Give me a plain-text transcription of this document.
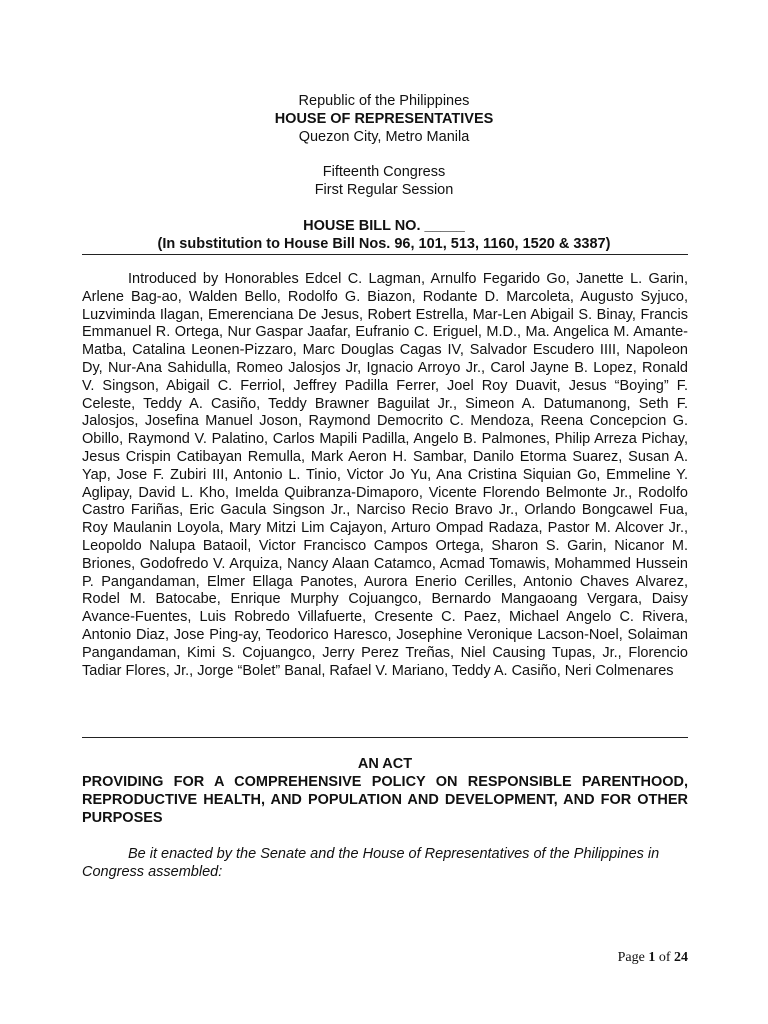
Republic of the Philippines
HOUSE OF REPRESENTATIVES
Quezon City, Metro Manila
Fifteenth Congress
First Regular Session
HOUSE BILL NO. _____
(In substitution to House Bill Nos. 96, 101, 513, 1160, 1520 & 3387)

Introduced by Honorables Edcel C. Lagman, Arnulfo Fegarido Go, Janette L. Garin, Arlene Bag-ao, Walden Bello, Rodolfo G. Biazon, Rodante D. Marcoleta, Augusto Syjuco, Luzviminda Ilagan, Emerenciana De Jesus, Robert Estrella, Mar-Len Abigail S. Binay, Francis Emmanuel R. Ortega, Nur Gaspar Jaafar, Eufranio C. Eriguel, M.D., Ma. Angelica M. Amante-Matba, Catalina Leonen-Pizzaro, Marc Douglas Cagas IV, Salvador Escudero IIII, Napoleon Dy, Nur-Ana Sahidulla, Romeo Jalosjos Jr, Ignacio Arroyo Jr., Carol Jayne B. Lopez, Ronald V. Singson, Abigail C. Ferriol, Jeffrey Padilla Ferrer, Joel Roy Duavit, Jesus “Boying” F. Celeste, Teddy A. Casiño, Teddy Brawner Baguilat Jr., Simeon A. Datumanong, Seth F. Jalosjos, Josefina Manuel Joson, Raymond Democrito C. Mendoza, Reena Concepcion G. Obillo, Raymond V. Palatino, Carlos Mapili Padilla, Angelo B. Palmones, Philip Arreza Pichay, Jesus Crispin Catibayan Remulla, Mark Aeron H. Sambar, Danilo Etorma Suarez, Susan A. Yap, Jose F. Zubiri III, Antonio L. Tinio, Victor Jo Yu, Ana Cristina Siquian Go, Emmeline Y. Aglipay, David L. Kho, Imelda Quibranza-Dimaporo, Vicente Florendo Belmonte Jr., Rodolfo Castro Fariñas, Eric Gacula Singson Jr., Narciso Recio Bravo Jr., Orlando Bongcawel Fua, Roy Maulanin Loyola, Mary Mitzi Lim Cajayon, Arturo Ompad Radaza, Pastor M. Alcover Jr., Leopoldo Nalupa Bataoil, Victor Francisco Campos Ortega, Sharon S. Garin, Nicanor M. Briones, Godofredo V. Arquiza, Nancy Alaan Catamco, Acmad Tomawis, Mohammed Hussein P. Pangandaman, Elmer Ellaga Panotes, Aurora Enerio Cerilles, Antonio Chaves Alvarez, Rodel M. Batocabe, Enrique Murphy Cojuangco, Bernardo Mangaoang Vergara, Daisy Avance-Fuentes, Luis Robredo Villafuerte, Cresente C. Paez, Michael Angelo C. Rivera, Antonio Diaz, Jose Ping-ay, Teodorico Haresco, Josephine Veronique Lacson-Noel, Solaiman Pangandaman, Kimi S. Cojuangco, Jerry Perez Treñas, Niel Causing Tupas, Jr., Florencio Tadiar Flores, Jr., Jorge “Bolet” Banal, Rafael V. Mariano, Teddy A. Casiño, Neri Colmenares

AN ACT
PROVIDING FOR A COMPREHENSIVE POLICY ON RESPONSIBLE PARENTHOOD, REPRODUCTIVE HEALTH, AND POPULATION AND DEVELOPMENT, AND FOR OTHER PURPOSES

Be it enacted by the Senate and the House of Representatives of the Philippines in Congress assembled:

Page 1 of 24
